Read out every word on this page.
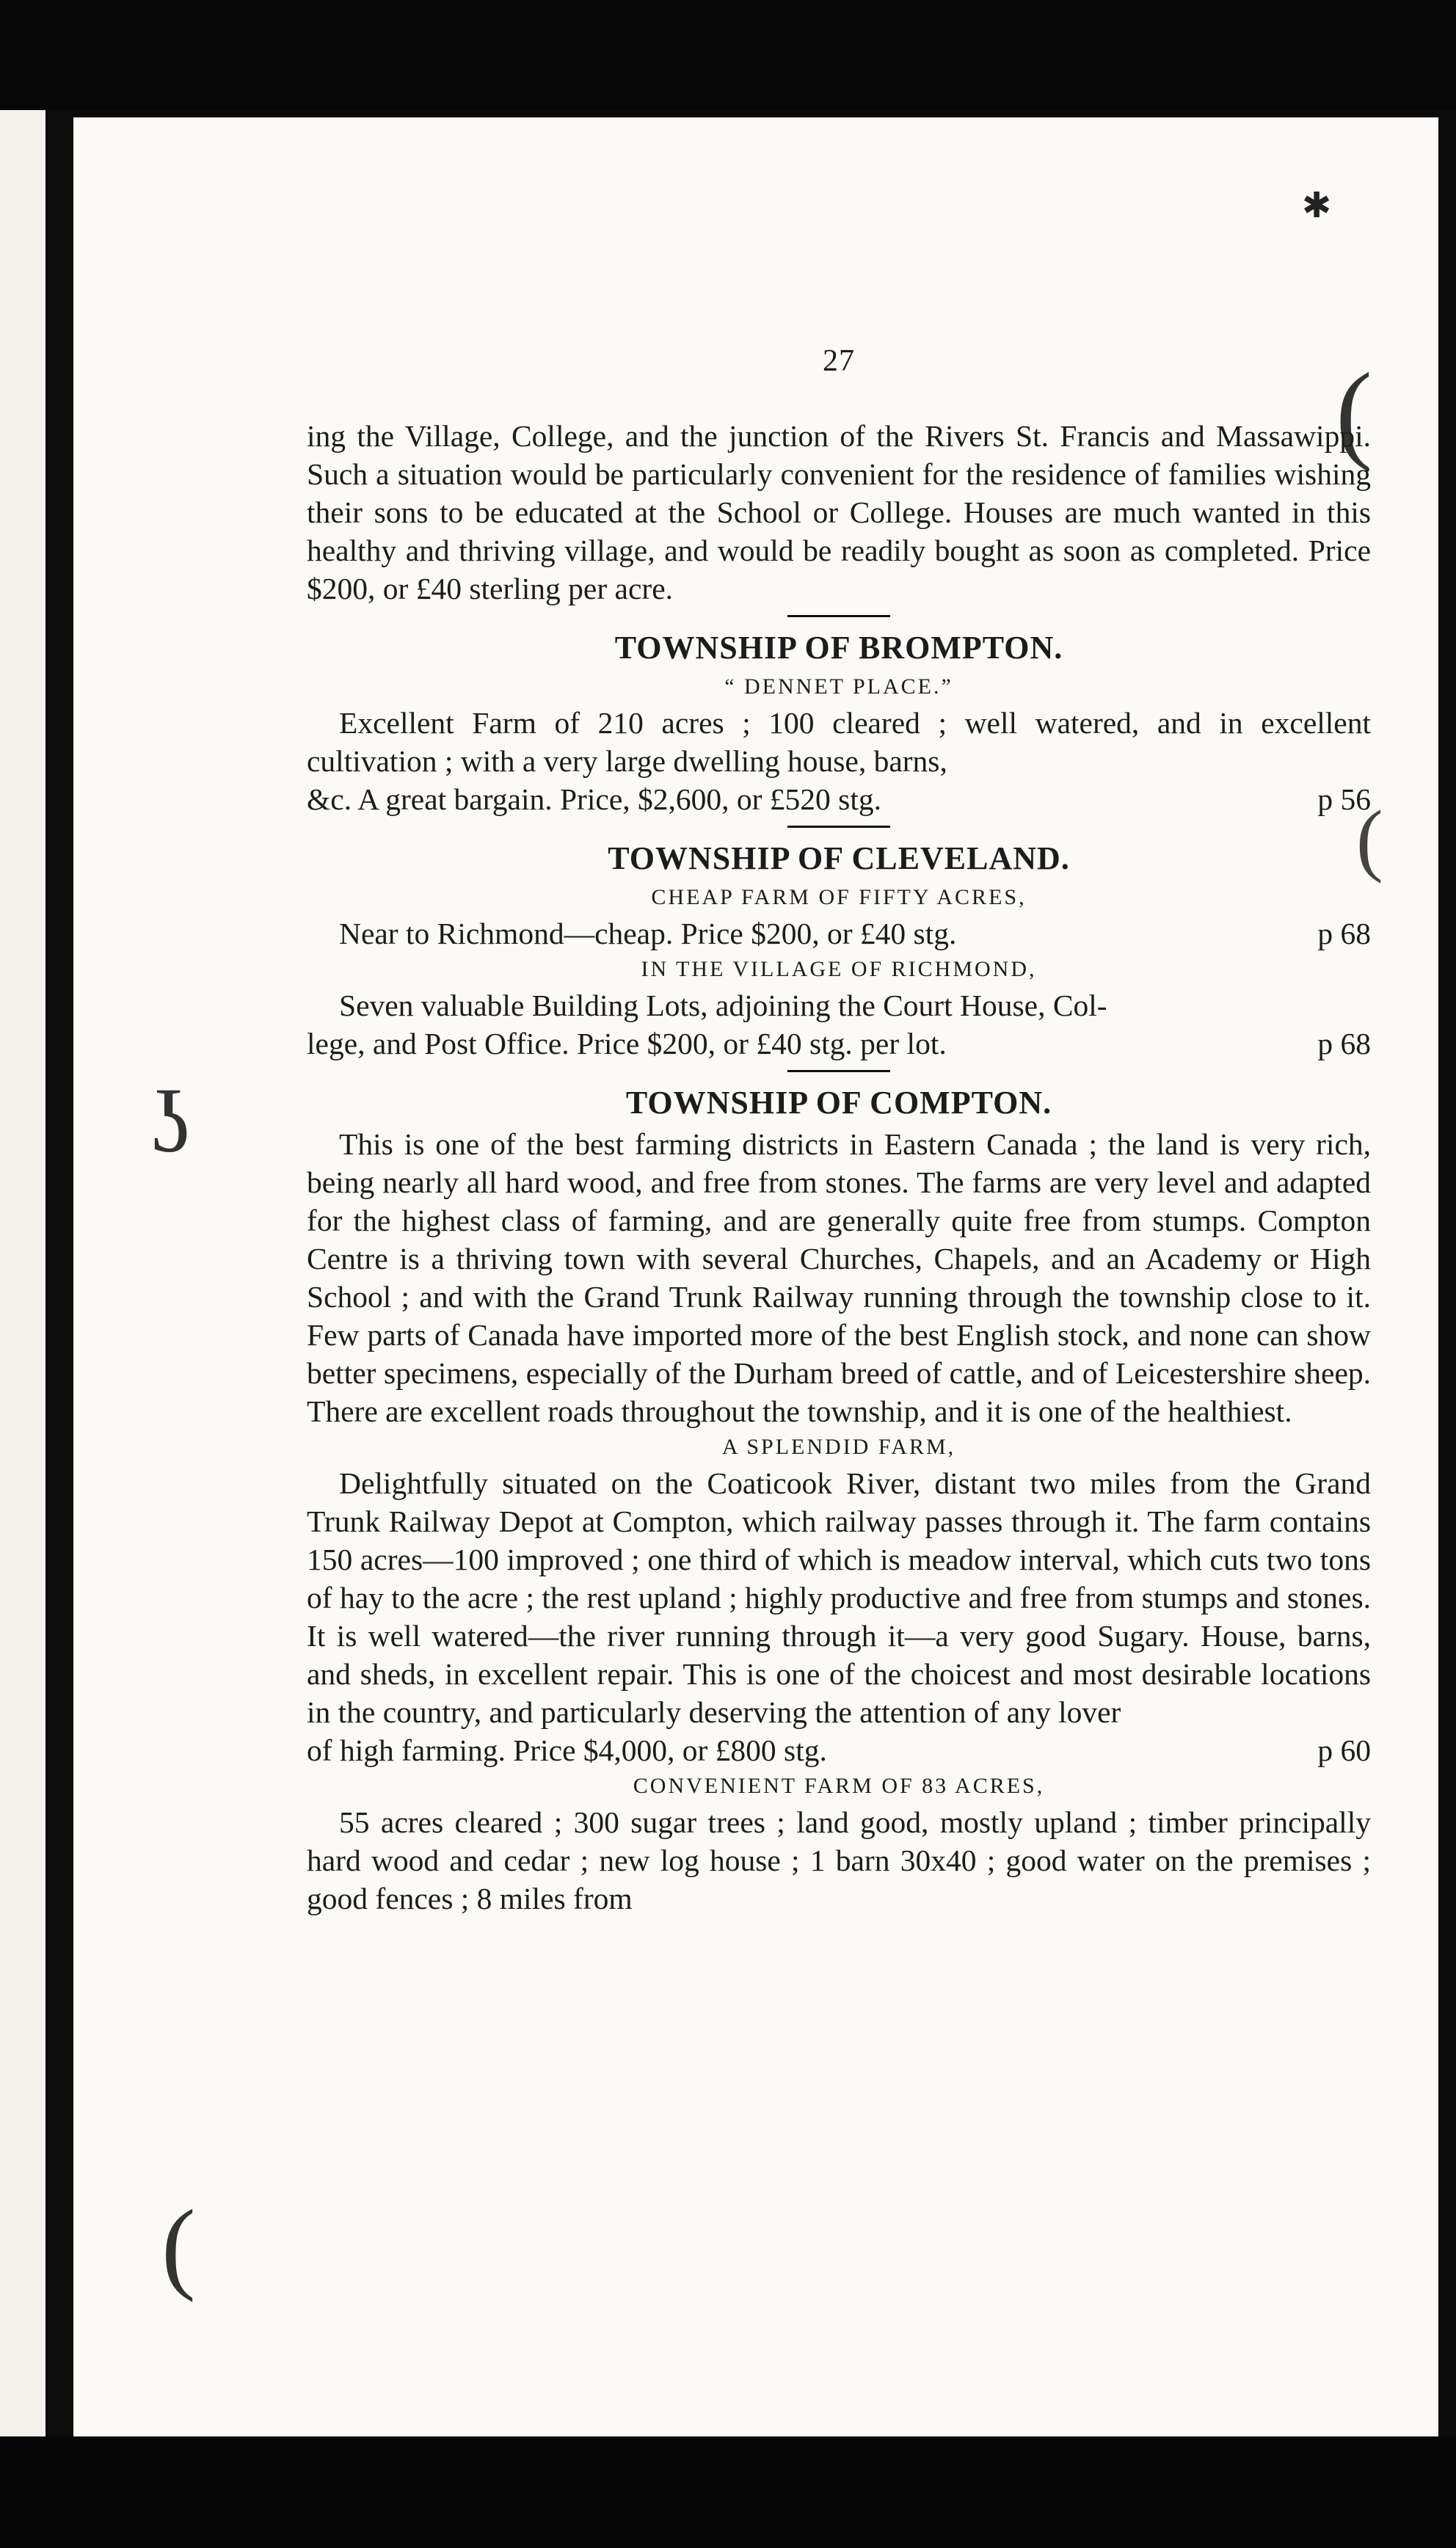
✱
(
(
ʖ
(
27

ing the Village, College, and the junction of the Rivers St. Francis and Massawippi. Such a situation would be particularly convenient for the residence of families wishing their sons to be educated at the School or College. Houses are much wanted in this healthy and thriving village, and would be readily bought as soon as completed. Price $200, or £40 sterling per acre.

TOWNSHIP OF BROMPTON.
“ DENNET PLACE.”

Excellent Farm of 210 acres ; 100 cleared ; well watered, and in excellent cultivation ; with a very large dwelling house, barns,

&c. A great bargain. Price, $2,600, or £520 stg.	p 56
TOWNSHIP OF CLEVELAND.
CHEAP FARM OF FIFTY ACRES,
Near to Richmond—cheap. Price $200, or £40 stg.	p 68
IN THE VILLAGE OF RICHMOND,

Seven valuable Building Lots, adjoining the Court House, Col-

lege, and Post Office. Price $200, or £40 stg. per lot.	p 68
TOWNSHIP OF COMPTON.

This is one of the best farming districts in Eastern Canada ; the land is very rich, being nearly all hard wood, and free from stones. The farms are very level and adapted for the highest class of farming, and are generally quite free from stumps. Compton Centre is a thriving town with several Churches, Chapels, and an Academy or High School ; and with the Grand Trunk Railway running through the township close to it. Few parts of Canada have imported more of the best English stock, and none can show better specimens, especially of the Durham breed of cattle, and of Leicestershire sheep. There are excellent roads throughout the township, and it is one of the healthiest.

A SPLENDID FARM,

Delightfully situated on the Coaticook River, distant two miles from the Grand Trunk Railway Depot at Compton, which railway passes through it. The farm contains 150 acres—100 improved ; one third of which is meadow interval, which cuts two tons of hay to the acre ; the rest upland ; highly productive and free from stumps and stones. It is well watered—the river running through it—a very good Sugary. House, barns, and sheds, in excellent repair. This is one of the choicest and most desirable locations in the country, and particularly deserving the attention of any lover

of high farming. Price $4,000, or £800 stg.	p 60
CONVENIENT FARM OF 83 ACRES,

55 acres cleared ; 300 sugar trees ; land good, mostly upland ; timber principally hard wood and cedar ; new log house ; 1 barn 30x40 ; good water on the premises ; good fences ; 8 miles from
